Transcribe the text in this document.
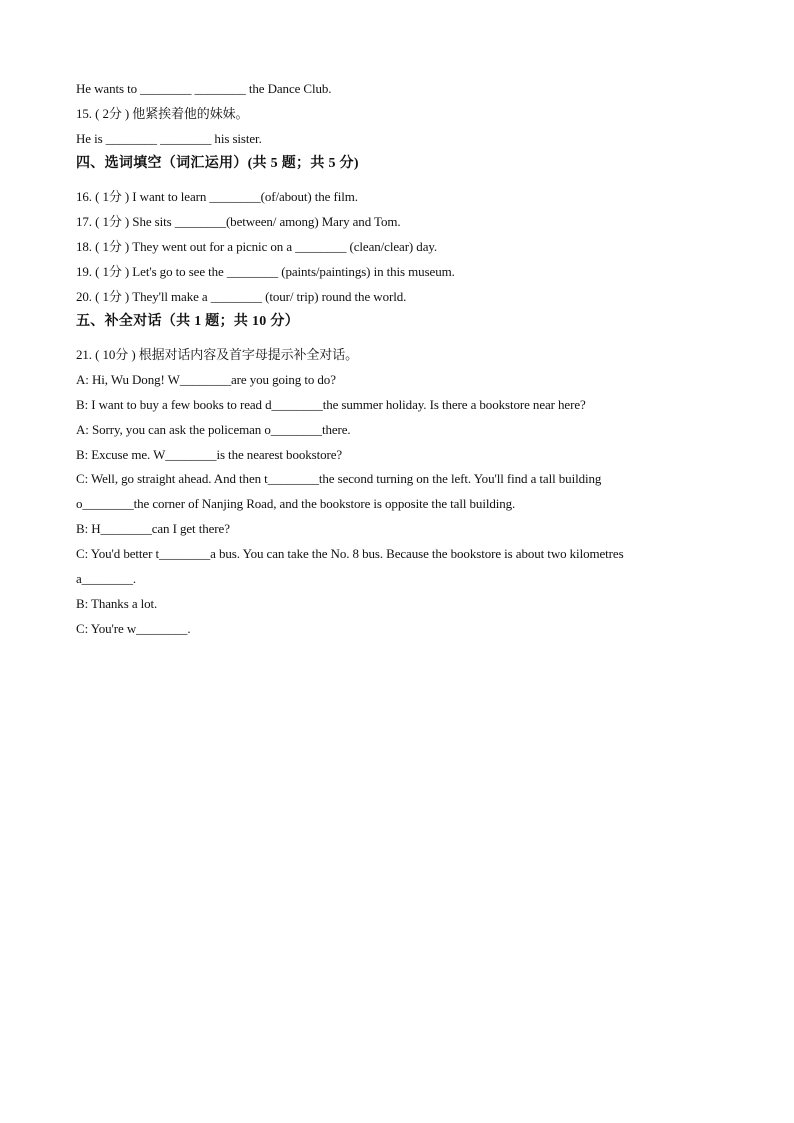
He wants to ________ ________ the Dance Club.
15. ( 2分 ) 他紧挨着他的妹妹。
He is ________ ________ his sister.
四、选词填空（词汇运用）(共 5 题；共 5 分)
16. ( 1分 ) I want to learn ________(of/about) the film.
17. ( 1分 ) She sits ________(between/ among) Mary and Tom.
18. ( 1分 ) They went out for a picnic on a ________ (clean/clear) day.
19. ( 1分 ) Let's go to see the ________ (paints/paintings) in this museum.
20. ( 1分 ) They'll make a ________ (tour/ trip) round the world.
五、补全对话（共 1 题；共 10 分）
21. ( 10分 ) 根据对话内容及首字母提示补全对话。
A: Hi, Wu Dong! W________are you going to do?
B: I want to buy a few books to read d________the summer holiday. Is there a bookstore near here?
A: Sorry, you can ask the policeman o________there.
B: Excuse me. W________is the nearest bookstore?
C: Well, go straight ahead. And then t________the second turning on the left. You'll find a tall building
o________the corner of Nanjing Road, and the bookstore is opposite the tall building.
B: H________can I get there?
C: You'd better t________a bus. You can take the No. 8 bus. Because the bookstore is about two kilometres
a________.
B: Thanks a lot.
C: You're w________.
